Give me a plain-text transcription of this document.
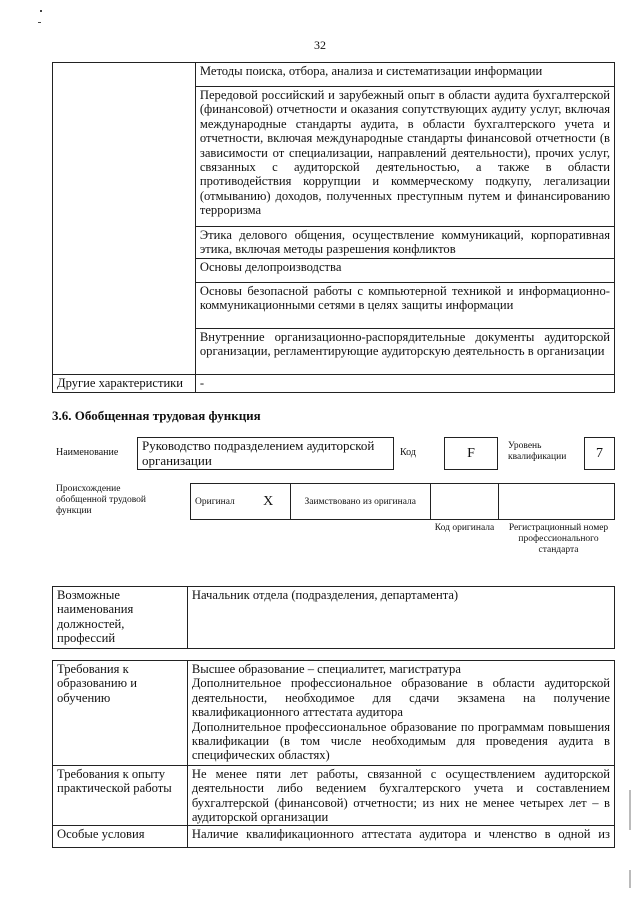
32
	Методы поиска, отбора, анализа и систематизации информации
	Передовой российский и зарубежный опыт в области аудита бухгалтерской (финансовой) отчетности и оказания сопутствующих аудиту услуг, включая международные стандарты аудита, в области бухгалтерского учета и отчетности, включая международные стандарты финансовой отчетности (в зависимости от специализации, направлений деятельности), прочих услуг, связанных с аудиторской деятельностью, а также в области противодействия коррупции и коммерческому подкупу, легализации (отмыванию) доходов, полученных преступным путем и финансированию терроризма
	Этика делового общения, осуществление коммуникаций, корпоративная этика, включая методы разрешения конфликтов
	Основы делопроизводства
	Основы безопасной работы с компьютерной техникой и информационно-коммуникационными сетями в целях защиты информации
	Внутренние организационно-распорядительные документы аудиторской организации, регламентирующие аудиторскую деятельность в организации
Другие характеристики	-
3.6. Обобщенная трудовая функция
Наименование	Руководство подразделением аудиторской организации	Код	F	Уровень квалификации	7
Происхождение обобщенной трудовой функции
Оригинал	X	Заимствовано из оригинала		
Код оригинала	Регистрационный номер профессионального стандарта
Возможные наименования должностей, профессий	Начальник отдела (подразделения, департамента)
Требования к образованию и обучению	Высшее образование – специалитет, магистратура
Дополнительное профессиональное образование в области аудиторской деятельности, необходимое для сдачи экзамена на получение квалификационного аттестата аудитора
Дополнительное профессиональное образование по программам повышения квалификации (в том числе необходимым для проведения аудита в специфических областях)

Требования к опыту практической работы	Не менее пяти лет работы, связанной с осуществлением аудиторской деятельности либо ведением бухгалтерского учета и составлением бухгалтерской (финансовой) отчетности; из них не менее четырех лет – в аудиторской организации
Особые условия	Наличие квалификационного аттестата аудитора и членство в одной из
